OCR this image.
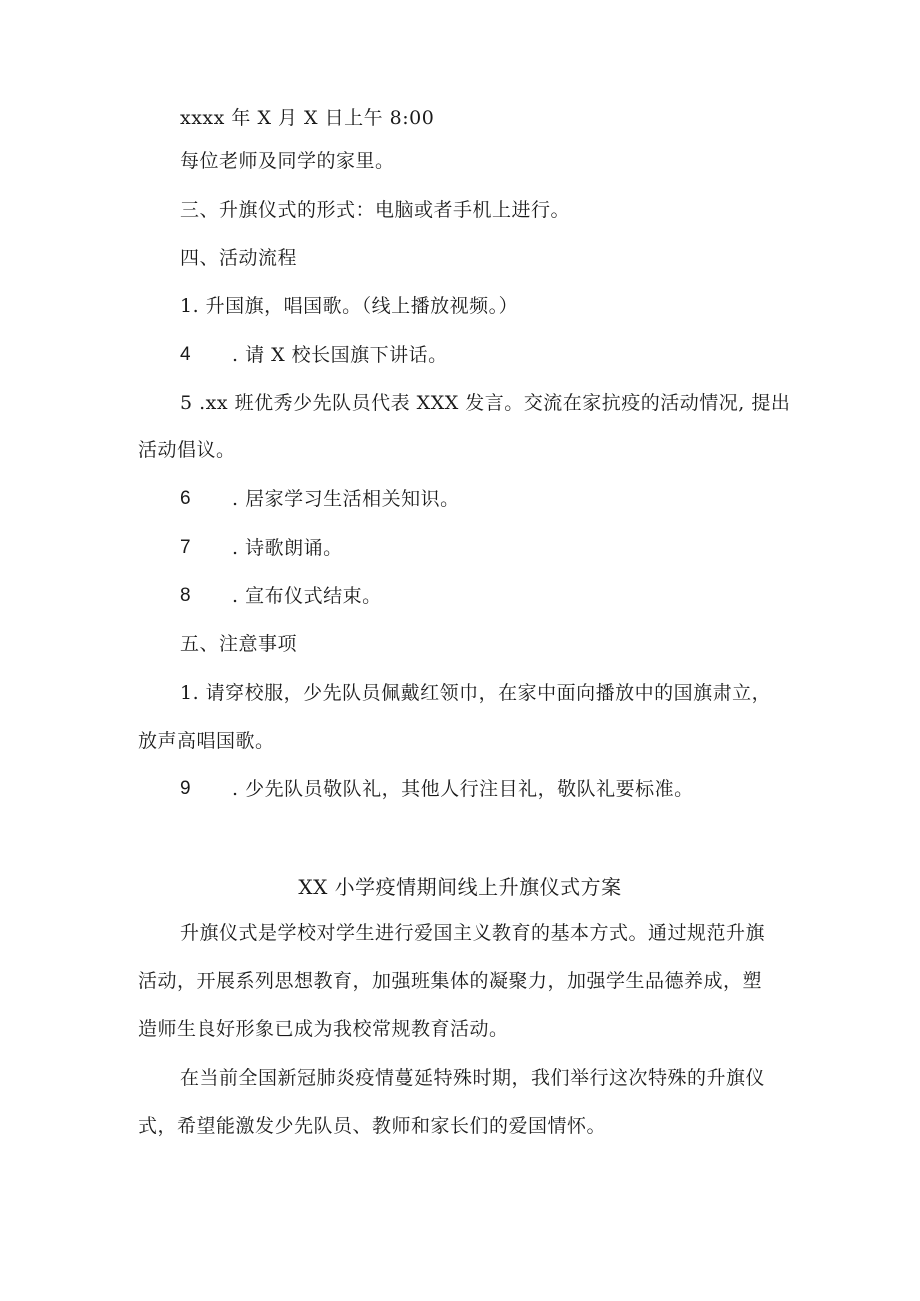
xxxx 年 X 月 X 日上午 8:00
每位老师及同学的家里。
三、升旗仪式的形式：电脑或者手机上进行。
四、活动流程
1. 升国旗，唱国歌。（线上播放视频。）
4 . 请 X 校长国旗下讲话。
5 .xx 班优秀少先队员代表 XXX 发言。交流在家抗疫的活动情况, 提出
活动倡议。
6 . 居家学习生活相关知识。
7 . 诗歌朗诵。
8 . 宣布仪式结束。
五、注意事项
1. 请穿校服，少先队员佩戴红领巾，在家中面向播放中的国旗肃立，
放声高唱国歌。
9 . 少先队员敬队礼，其他人行注目礼，敬队礼要标准。
XX 小学疫情期间线上升旗仪式方案
升旗仪式是学校对学生进行爱国主义教育的基本方式。通过规范升旗
活动，开展系列思想教育，加强班集体的凝聚力，加强学生品德养成，塑
造师生良好形象已成为我校常规教育活动。
在当前全国新冠肺炎疫情蔓延特殊时期，我们举行这次特殊的升旗仪
式，希望能激发少先队员、教师和家长们的爱国情怀。
